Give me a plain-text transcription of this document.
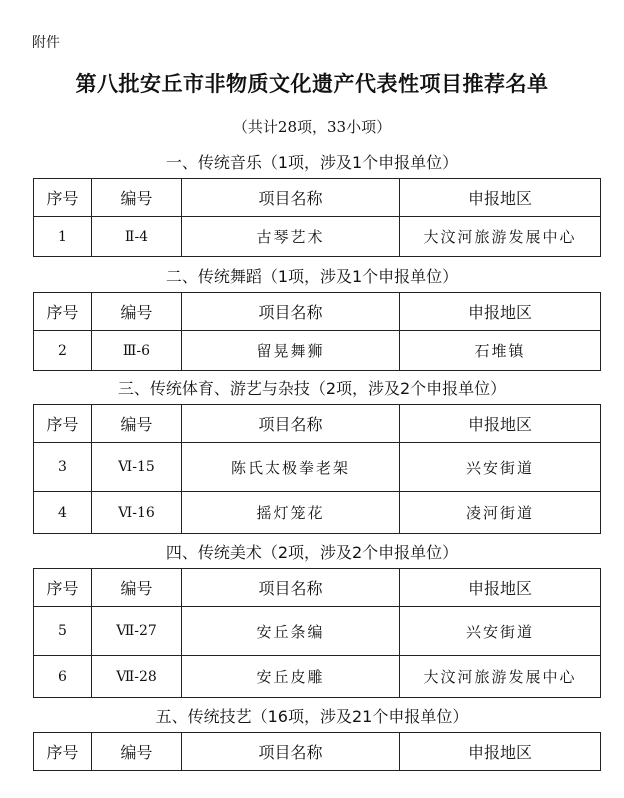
附件
第八批安丘市非物质文化遗产代表性项目推荐名单
（共计28项，33小项）
一、传统音乐（1项，涉及1个申报单位）
序号	编号	项目名称	申报地区
1	Ⅱ-4	古琴艺术	大汶河旅游发展中心
二、传统舞蹈（1项，涉及1个申报单位）
序号	编号	项目名称	申报地区
2	Ⅲ-6	留晃舞狮	石堆镇
三、传统体育、游艺与杂技（2项，涉及2个申报单位）
序号	编号	项目名称	申报地区
3	Ⅵ-15	陈氏太极拳老架	兴安街道
4	Ⅵ-16	摇灯笼花	凌河街道
四、传统美术（2项，涉及2个申报单位）
序号	编号	项目名称	申报地区
5	Ⅶ-27	安丘条编	兴安街道
6	Ⅶ-28	安丘皮雕	大汶河旅游发展中心
五、传统技艺（16项，涉及21个申报单位）
序号	编号	项目名称	申报地区
